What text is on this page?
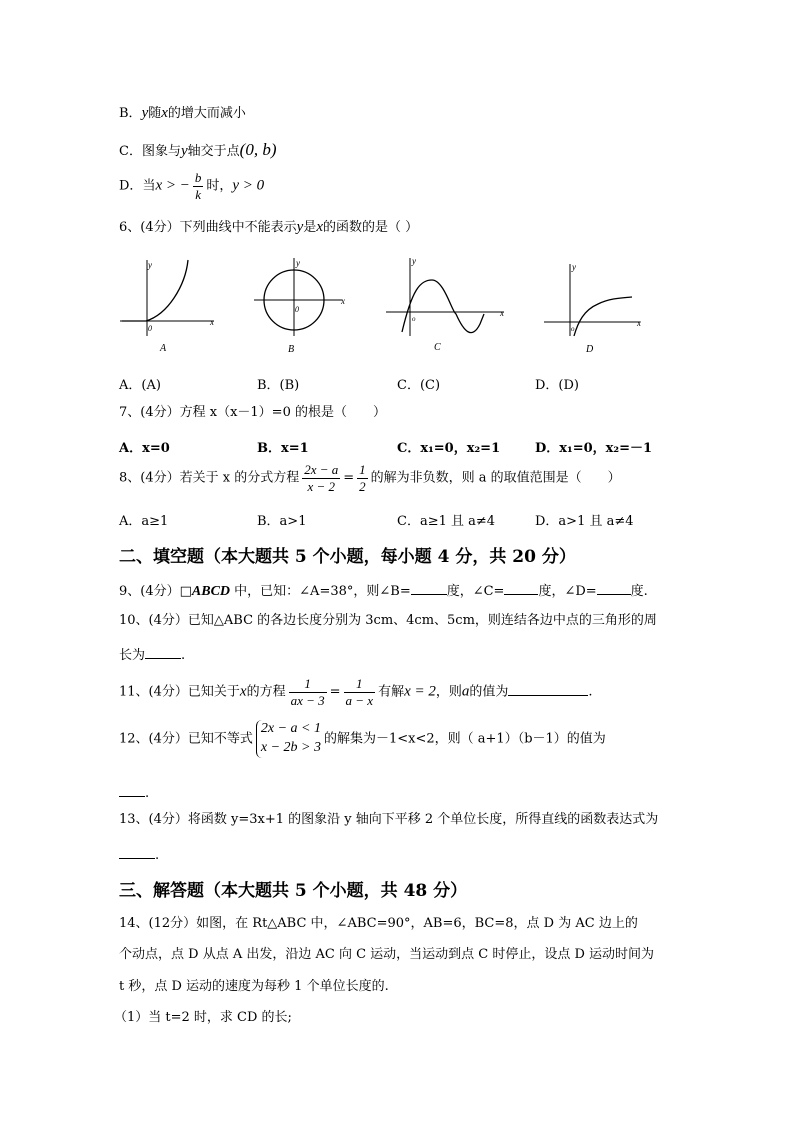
B．y随x的增大而减小
C．图象与y轴交于点(0, b)
D．当x > − $\frac{b}{k}$ 时，y > 0
6、(4分）下列曲线中不能表示y是x的函数的是（ ）
y
x
0
A
y
x
0
B
y
x
o
C
y
x
o
D
A．(A)	B．(B)	C．(C)	D．(D)
7、(4分）方程 x（x－1）=0 的根是（　　）
A．x=0	B．x=1	C．x₁=0，x₂=1	D．x₁=0，x₂=－1
8、(4分）若关于 x 的分式方程 $\frac{2x - a}{x - 2} = \frac{1}{2}$ 的解为非负数，则 a 的取值范围是（　　）
A．a≥1	B．a>1	C．a≥1 且 a≠4	D．a>1 且 a≠4
二、填空题（本大题共 5 个小题，每小题 4 分，共 20 分）
9、(4分）□ABCD 中，已知：∠A=38°，则∠B=	度，∠C=	度，∠D=	度.
10、(4分）已知△ABC 的各边长度分别为 3cm、4cm、5cm，则连结各边中点的三角形的周
长为	.
11、(4分）已知关于x的方程 $\frac{1}{ax - 3} = \frac{1}{a - x}$ 有解x = 2，则a的值为	.
12、(4分）已知不等式
2x − a < 1
x − 2b > 3
的解集为－1<x<2，则（ a+1）（b－1）的值为
.
13、(4分）将函数 y=3x+1 的图象沿 y 轴向下平移 2 个单位长度，所得直线的函数表达式为
.
三、解答题（本大题共 5 个小题，共 48 分）
14、(12分）如图，在 Rt△ABC 中，∠ABC=90°，AB=6，BC=8，点 D 为 AC 边上的
个动点，点 D 从点 A 出发，沿边 AC 向 C 运动，当运动到点 C 时停止，设点 D 运动时间为
t 秒，点 D 运动的速度为每秒 1 个单位长度的.
（1）当 t=2 时，求 CD 的长;
